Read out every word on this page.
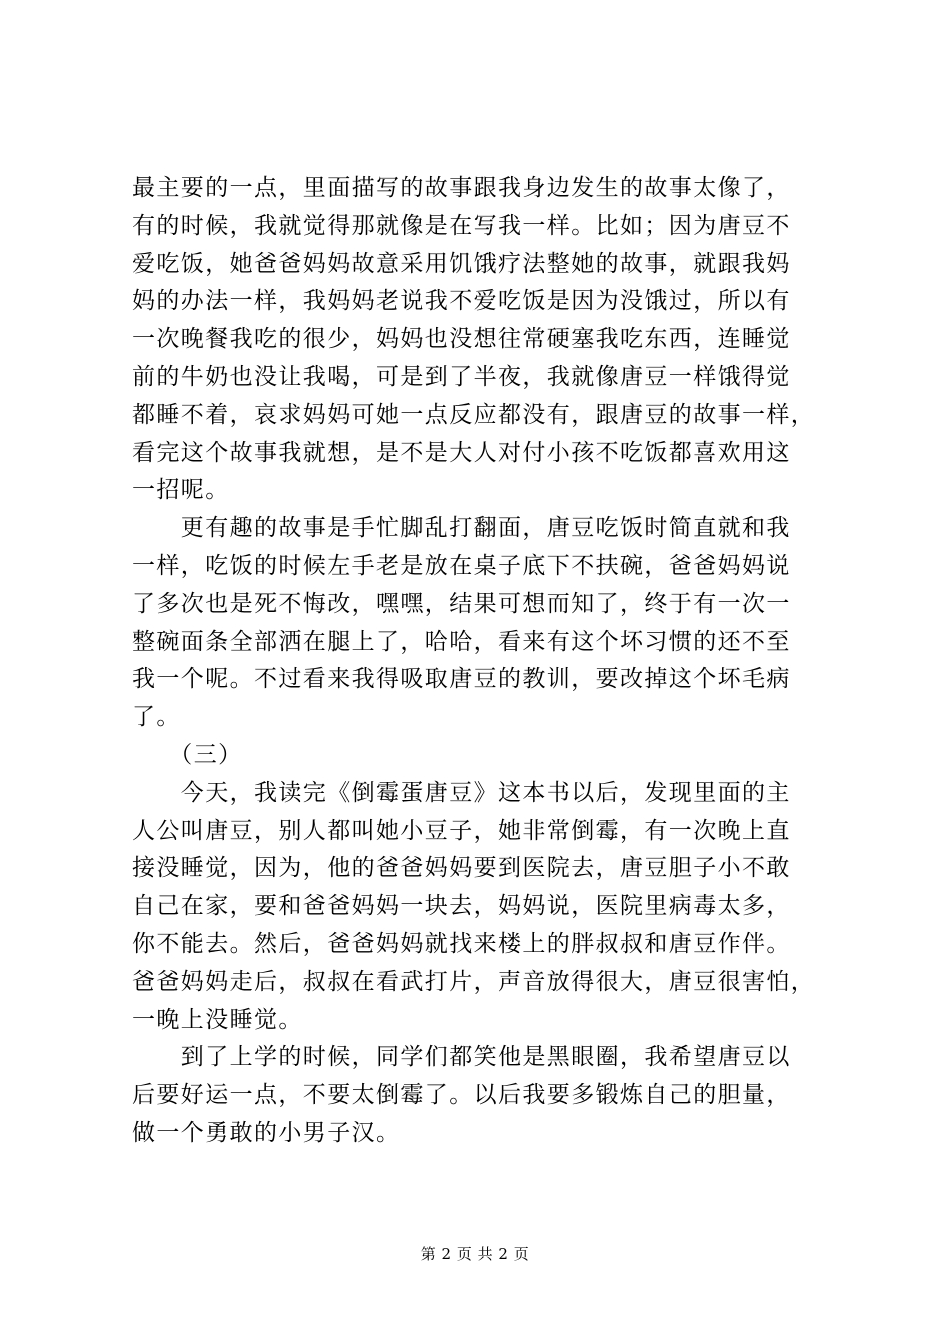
最主要的一点，里面描写的故事跟我身边发生的故事太像了，
有的时候，我就觉得那就像是在写我一样。比如；因为唐豆不
爱吃饭，她爸爸妈妈故意采用饥饿疗法整她的故事，就跟我妈
妈的办法一样，我妈妈老说我不爱吃饭是因为没饿过，所以有
一次晚餐我吃的很少，妈妈也没想往常硬塞我吃东西，连睡觉
前的牛奶也没让我喝，可是到了半夜，我就像唐豆一样饿得觉
都睡不着，哀求妈妈可她一点反应都没有，跟唐豆的故事一样，
看完这个故事我就想，是不是大人对付小孩不吃饭都喜欢用这
一招呢。
　　更有趣的故事是手忙脚乱打翻面，唐豆吃饭时简直就和我
一样，吃饭的时候左手老是放在桌子底下不扶碗，爸爸妈妈说
了多次也是死不悔改，嘿嘿，结果可想而知了，终于有一次一
整碗面条全部洒在腿上了，哈哈，看来有这个坏习惯的还不至
我一个呢。不过看来我得吸取唐豆的教训，要改掉这个坏毛病
了。
　　（三）
　　今天，我读完《倒霉蛋唐豆》这本书以后，发现里面的主
人公叫唐豆，别人都叫她小豆子，她非常倒霉，有一次晚上直
接没睡觉，因为，他的爸爸妈妈要到医院去，唐豆胆子小不敢
自己在家，要和爸爸妈妈一块去，妈妈说，医院里病毒太多，
你不能去。然后，爸爸妈妈就找来楼上的胖叔叔和唐豆作伴。
爸爸妈妈走后，叔叔在看武打片，声音放得很大，唐豆很害怕，
一晚上没睡觉。
　　到了上学的时候，同学们都笑他是黑眼圈，我希望唐豆以
后要好运一点，不要太倒霉了。以后我要多锻炼自己的胆量，
做一个勇敢的小男子汉。
第 2 页 共 2 页
